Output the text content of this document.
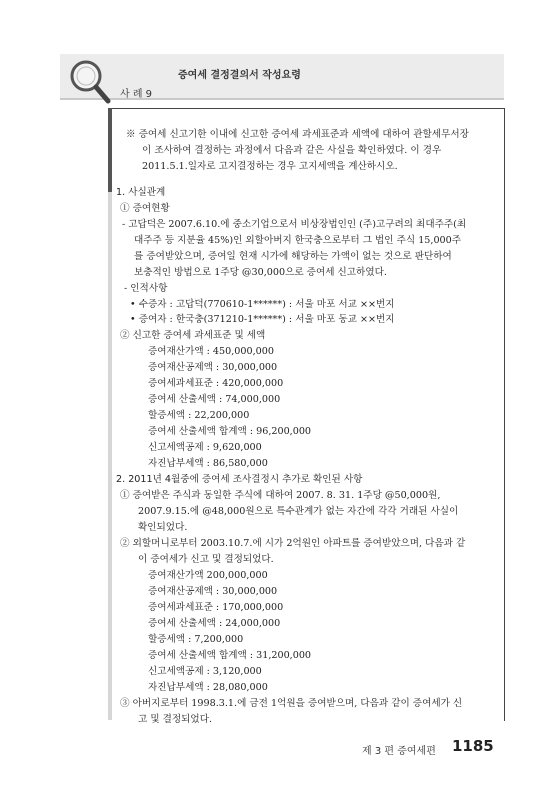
증여세 결정결의서 작성요령
사 례 9
※ 증여세 신고기한 이내에 신고한 증여세 과세표준과 세액에 대하여 관할세무서장
이 조사하여 결정하는 과정에서 다음과 같은 사실을 확인하였다. 이 경우
2011.5.1.일자로 고지결정하는 경우 고지세액을 계산하시오.
1. 사실관계
① 증여현황
- 고답덕은 2007.6.10.에 중소기업으로서 비상장법인인 (주)고구려의 최대주주(최
대주주 등 지분율 45%)인 외할아버지 한국충으로부터 그 법인 주식 15,000주
를 증여받았으며, 증여일 현재 시가에 해당하는 가액이 없는 것으로 판단하여
보충적인 방법으로 1주당 @30,000으로 증여세 신고하였다.
- 인적사항
• 수증자 : 고답덕(770610-1******) : 서울 마포 서교 ××번지
• 증여자 : 한국충(371210-1******) : 서울 마포 동교 ××번지
② 신고한 증여세 과세표준 및 세액
증여재산가액 : 450,000,000
증여재산공제액 : 30,000,000
증여세과세표준 : 420,000,000
증여세 산출세액 : 74,000,000
할증세액 : 22,200,000
증여세 산출세액 합계액 : 96,200,000
신고세액공제 : 9,620,000
자진납부세액 : 86,580,000
2. 2011년 4월중에 증여세 조사결정시 추가로 확인된 사항
① 증여받은 주식과 동일한 주식에 대하여 2007. 8. 31. 1주당 @50,000원,
2007.9.15.에 @48,000원으로 특수관계가 없는 자간에 각각 거래된 사실이
확인되었다.
② 외할머니로부터 2003.10.7.에 시가 2억원인 아파트를 증여받았으며, 다음과 같
이 증여세가 신고 및 결정되었다.
증여재산가액 200,000,000
증여재산공제액 : 30,000,000
증여세과세표준 : 170,000,000
증여세 산출세액 : 24,000,000
할증세액 : 7,200,000
증여세 산출세액 합계액 : 31,200,000
신고세액공제 : 3,120,000
자진납부세액 : 28,080,000
③ 아버지로부터 1998.3.1.에 금전 1억원을 증여받으며, 다음과 같이 증여세가 신
고 및 결정되었다.
제 3 편 증여세편 1185
